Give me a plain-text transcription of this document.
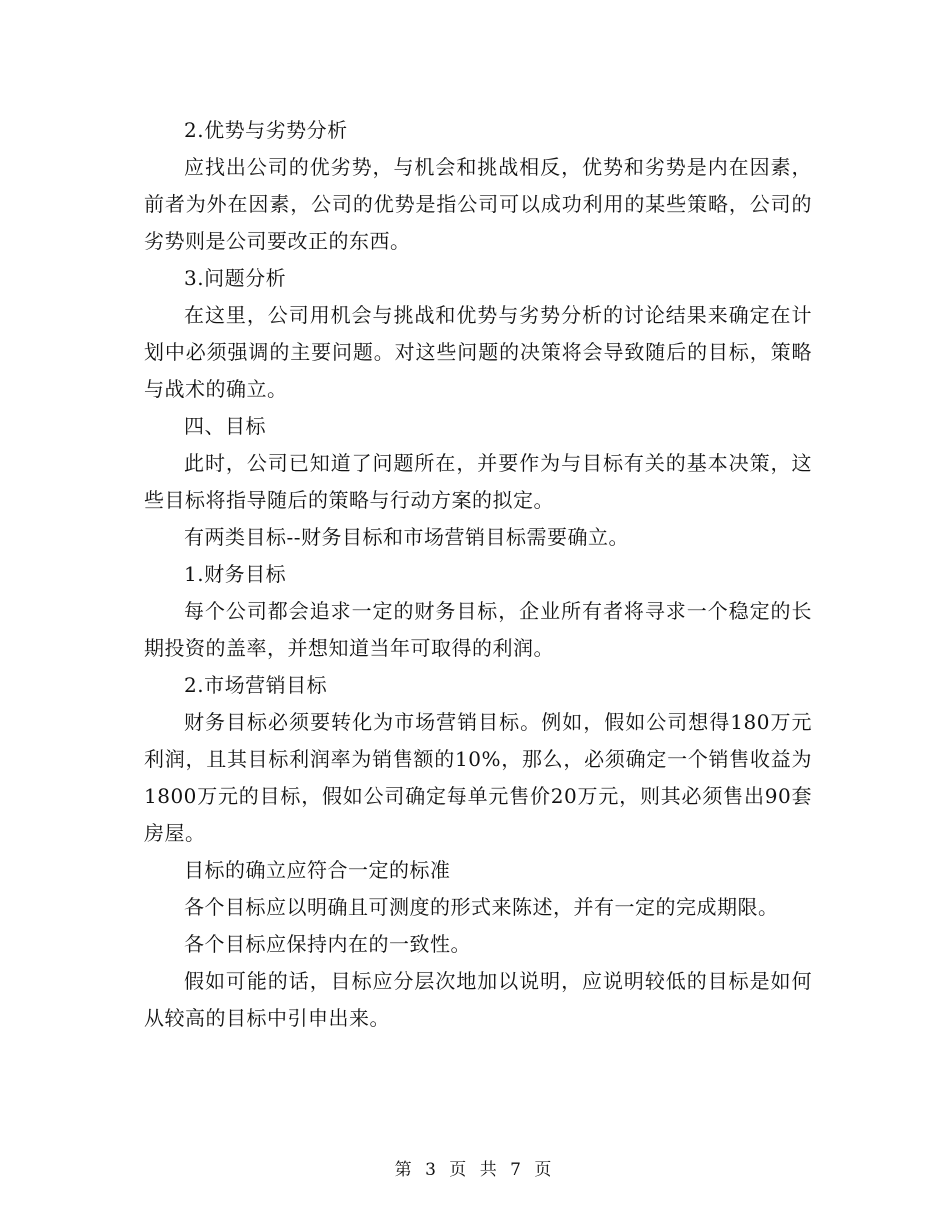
2.优势与劣势分析

应找出公司的优劣势，与机会和挑战相反，优势和劣势是内在因素，前者为外在因素，公司的优势是指公司可以成功利用的某些策略，公司的劣势则是公司要改正的东西。

3.问题分析

在这里，公司用机会与挑战和优势与劣势分析的讨论结果来确定在计划中必须强调的主要问题。对这些问题的决策将会导致随后的目标，策略与战术的确立。

四、目标

此时，公司已知道了问题所在，并要作为与目标有关的基本决策，这些目标将指导随后的策略与行动方案的拟定。

有两类目标--财务目标和市场营销目标需要确立。

1.财务目标

每个公司都会追求一定的财务目标，企业所有者将寻求一个稳定的长期投资的盖率，并想知道当年可取得的利润。

2.市场营销目标

财务目标必须要转化为市场营销目标。例如，假如公司想得180万元利润，且其目标利润率为销售额的10%，那么，必须确定一个销售收益为1800万元的目标，假如公司确定每单元售价20万元，则其必须售出90套房屋。

目标的确立应符合一定的标准

各个目标应以明确且可测度的形式来陈述，并有一定的完成期限。

各个目标应保持内在的一致性。

假如可能的话，目标应分层次地加以说明，应说明较低的目标是如何从较高的目标中引申出来。

第 3 页 共 7 页
